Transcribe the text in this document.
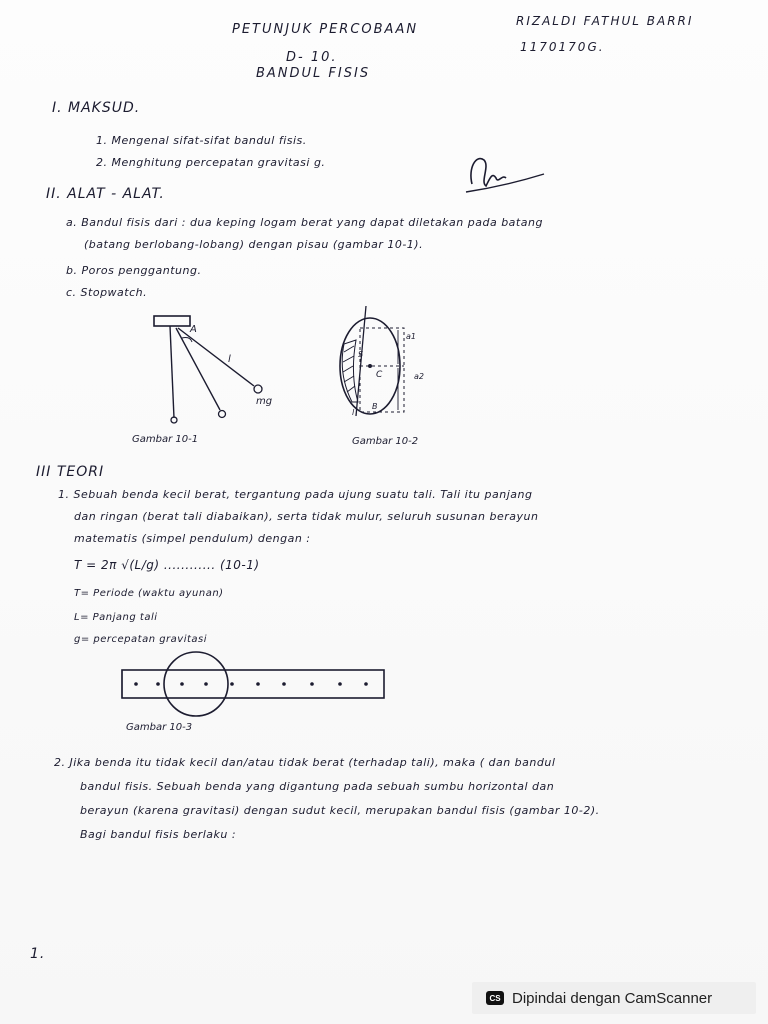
PETUNJUK PERCOBAAN
D- 10.
BANDUL FISIS
RIZALDI FATHUL BARRI
1170170G.
I. MAKSUD.
1. Mengenal sifat-sifat bandul fisis.
2. Menghitung percepatan gravitasi g.
II. ALAT - ALAT.
a. Bandul fisis dari : dua keping logam berat yang dapat diletakan pada batang
(batang berlobang-lobang) dengan pisau (gambar 10-1).
b. Poros penggantung.
c. Stopwatch.
A
l
mg
Gambar 10-1
a1
S
C	a2
B
l
Gambar 10-2
III TEORI
1. Sebuah benda kecil berat, tergantung pada ujung suatu tali. Tali itu panjang
dan ringan (berat tali diabaikan), serta tidak mulur, seluruh susunan berayun
matematis (simpel pendulum) dengan :
T = 2π √(L/g) ............ (10-1)
T= Periode (waktu ayunan)
L= Panjang tali
g= percepatan gravitasi
Gambar 10-3
2. Jika benda itu tidak kecil dan/atau tidak berat (terhadap tali), maka ( dan bandul
bandul fisis. Sebuah benda yang digantung pada sebuah sumbu horizontal dan
berayun (karena gravitasi) dengan sudut kecil, merupakan bandul fisis (gambar 10-2).
Bagi bandul fisis berlaku :
1.
CS Dipindai dengan CamScanner
